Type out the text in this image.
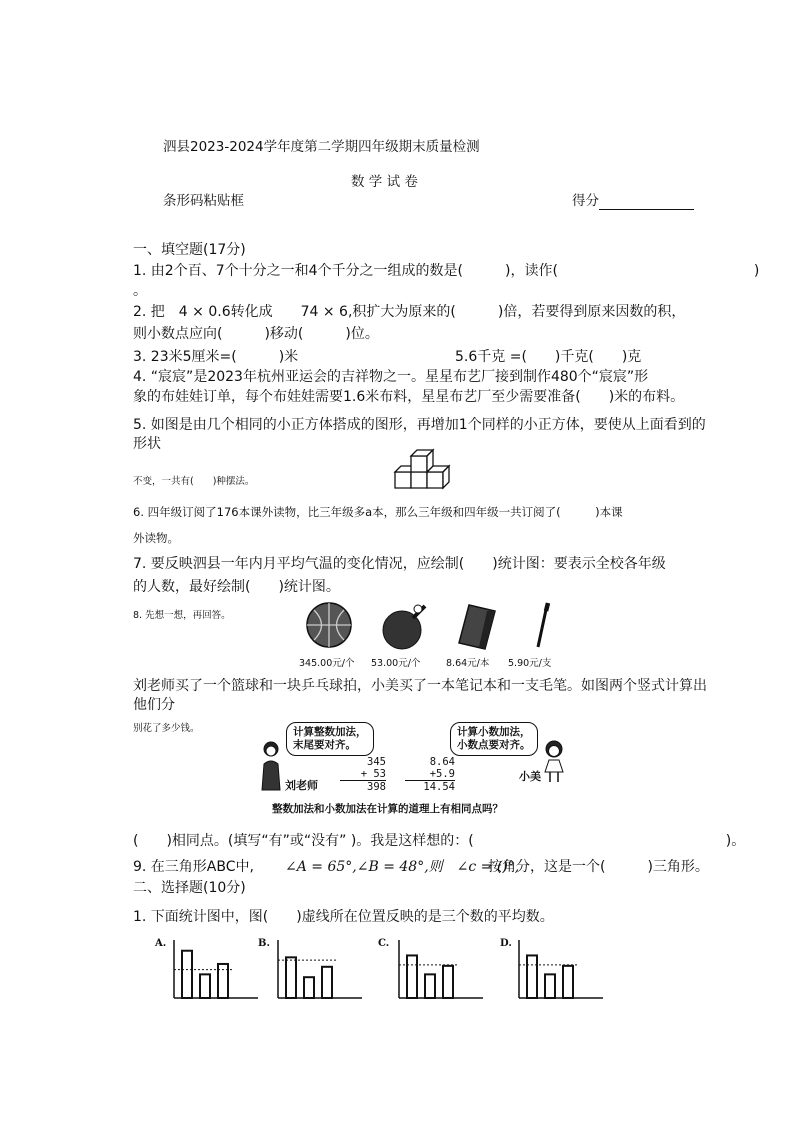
泗县2023-2024学年度第二学期四年级期末质量检测
数 学 试 卷
条形码粘贴框	得分
一、填空题(17分)
1. 由2个百、7个十分之一和4个千分之一组成的数是(　　　)，读作(　　　　　　　　　　　　　　)
。
2. 把　4 × 0.6转化成　　74 × 6,积扩大为原来的(　　　)倍，若要得到原来因数的积，
则小数点应向(　　　)移动(　　　)位。
3. 23米5厘米=(　　　)米	5.6千克 =(　　)千克(　　)克
4. “宸宸”是2023年杭州亚运会的吉祥物之一。星星布艺厂接到制作480个“宸宸”形
象的布娃娃订单，每个布娃娃需要1.6米布料，星星布艺厂至少需要准备(　　)米的布料。
5. 如图是由几个相同的小正方体搭成的图形，再增加1个同样的小正方体，要使从上面看到的
形状
不变，一共有(　　)种摆法。
6. 四年级订阅了176本课外读物，比三年级多a本，那么三年级和四年级一共订阅了(　　　)本课
外读物。
7. 要反映泗县一年内月平均气温的变化情况，应绘制(　　)统计图：要表示全校各年级
的人数，最好绘制(　　)统计图。
8. 先想一想，再回答。
345.00元/个 53.00元/个	8.64元/本 5.90元/支
刘老师买了一个篮球和一块乒乓球拍，小美买了一本笔记本和一支毛笔。如图两个竖式计算出
他们分
别花了多少钱。	计算整数加法，
末尾要对齐。
刘老师
345
+ 53
398
8.64
+5.9
14.54
计算小数加法，
小数点要对齐。
小美
整数加法和小数加法在计算的道理上有相同点吗？
(　　)相同点。(填写“有”或“没有” )。我是这样想的：(　　　　　　　　　　　　　　　　　　)。
9. 在三角形ABC中, ∠A = 65°,∠B = 48°,则　∠c = ()°,
按角分，这是一个(　　　)三角形。
二、选择题(10分)
1. 下面统计图中，图(　　)虚线所在位置反映的是三个数的平均数。
A.	B.	C.	D.
